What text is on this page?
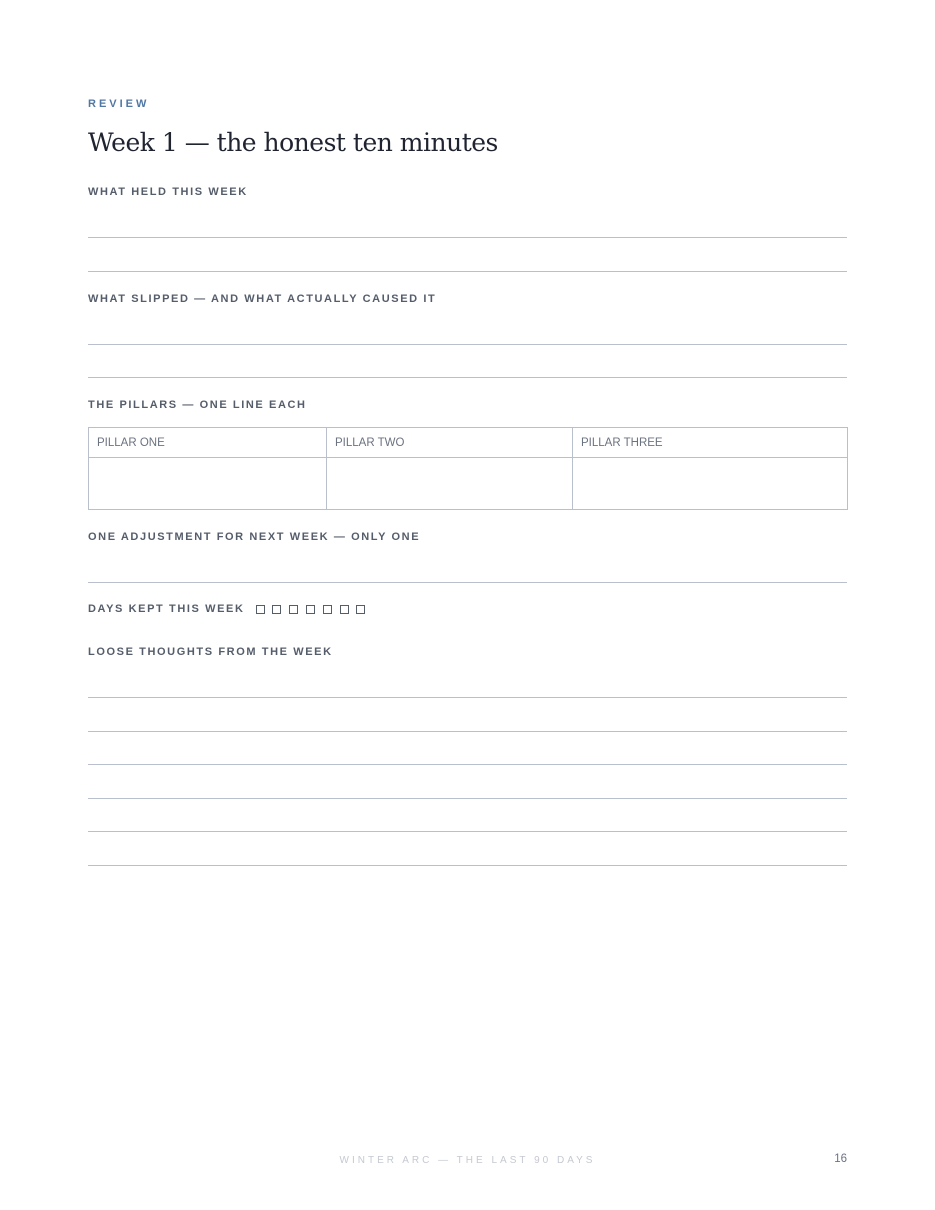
REVIEW
Week 1 — the honest ten minutes
WHAT HELD THIS WEEK
WHAT SLIPPED — AND WHAT ACTUALLY CAUSED IT
THE PILLARS — ONE LINE EACH
PILLAR ONE	PILLAR TWO	PILLAR THREE

ONE ADJUSTMENT FOR NEXT WEEK — ONLY ONE
DAYS KEPT THIS WEEK
LOOSE THOUGHTS FROM THE WEEK
WINTER ARC — THE LAST 90 DAYS	16
